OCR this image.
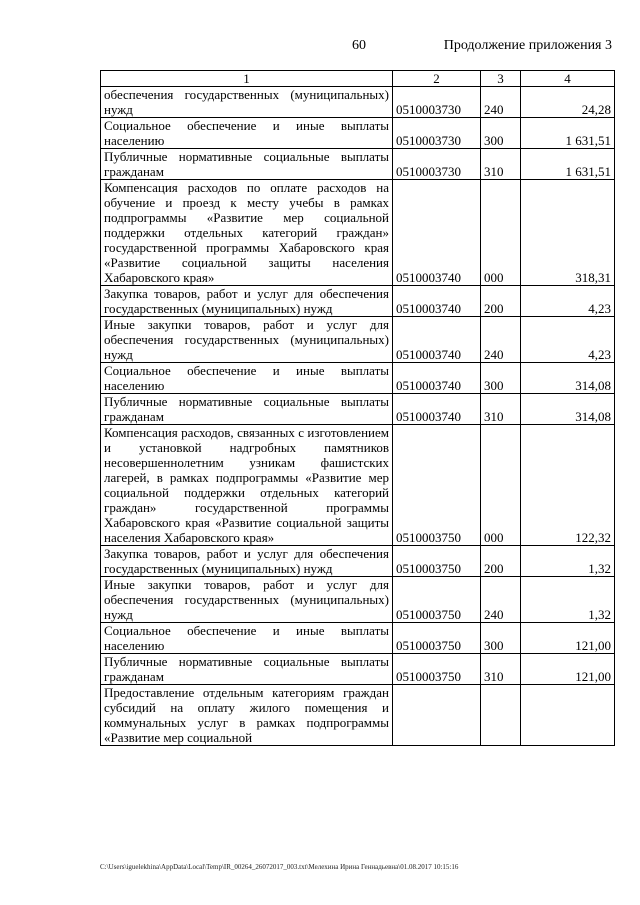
60	Продолжение приложения 3
1	2	3	4
обеспечения государственных (муниципальных) нужд	0510003730	240	24,28
Социальное обеспечение и иные выплаты населению	0510003730	300	1 631,51
Публичные нормативные социальные выплаты гражданам	0510003730	310	1 631,51
Компенсация расходов по оплате расходов на обучение и проезд к месту учебы в рамках подпрограммы «Развитие мер социальной поддержки отдельных категорий граждан» государственной программы Хабаровского края «Развитие социальной защиты населения Хабаровского края»	0510003740	000	318,31
Закупка товаров, работ и услуг для обеспечения государственных (муниципальных) нужд	0510003740	200	4,23
Иные закупки товаров, работ и услуг для обеспечения государственных (муниципальных) нужд	0510003740	240	4,23
Социальное обеспечение и иные выплаты населению	0510003740	300	314,08
Публичные нормативные социальные выплаты гражданам	0510003740	310	314,08
Компенсация расходов, связанных с изготовлением и установкой надгробных памятников несовершеннолетним узникам фашистских лагерей, в рамках подпрограммы «Развитие мер социальной поддержки отдельных категорий граждан» государственной программы Хабаровского края «Развитие социальной защиты населения Хабаровского края»	0510003750	000	122,32
Закупка товаров, работ и услуг для обеспечения государственных (муниципальных) нужд	0510003750	200	1,32
Иные закупки товаров, работ и услуг для обеспечения государственных (муниципальных) нужд	0510003750	240	1,32
Социальное обеспечение и иные выплаты населению	0510003750	300	121,00
Публичные нормативные социальные выплаты гражданам	0510003750	310	121,00
Предоставление отдельным категориям граждан субсидий на оплату жилого помещения и коммунальных услуг в рамках подпрограммы «Развитие мер социальной			
C:\Users\iguelekhina\AppData\Local\Temp\IR_00264_26072017_003.txt\Мелехина Ирина Геннадьевна\01.08.2017 10:15:16
